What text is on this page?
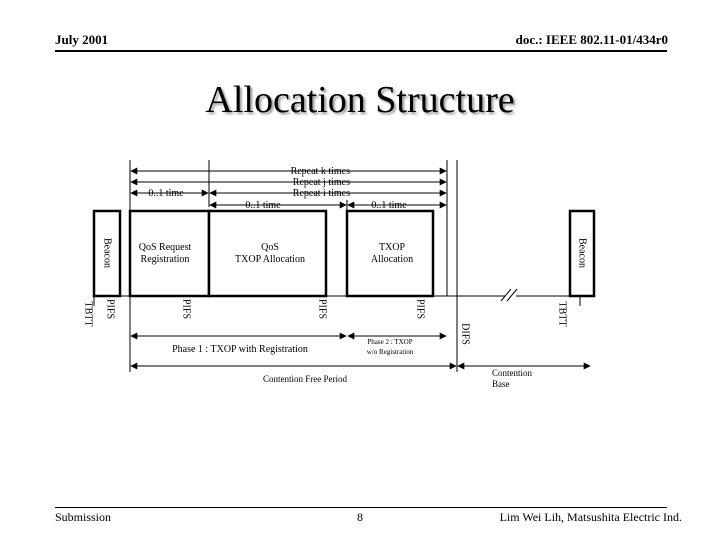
July 2001	doc.: IEEE 802.11-01/434r0
Allocation Structure
Beacon	Beacon
QoS Request
Registration
QoS
TXOP Allocation
TXOP
Allocation
Repeat k times
Repeat j times
Repeat i times
0..1 time
0..1 time	0..1 time
TBTT PIFS	PIFS	PIFS	PIFS
DIFS
TBTT
Phase 1 : TXOP with Registration
Phase 2 : TXOP
w/o Registration
Contention Free Period
Contention
Base
Submission	8	Lim Wei Lih, Matsushita Electric Ind.
